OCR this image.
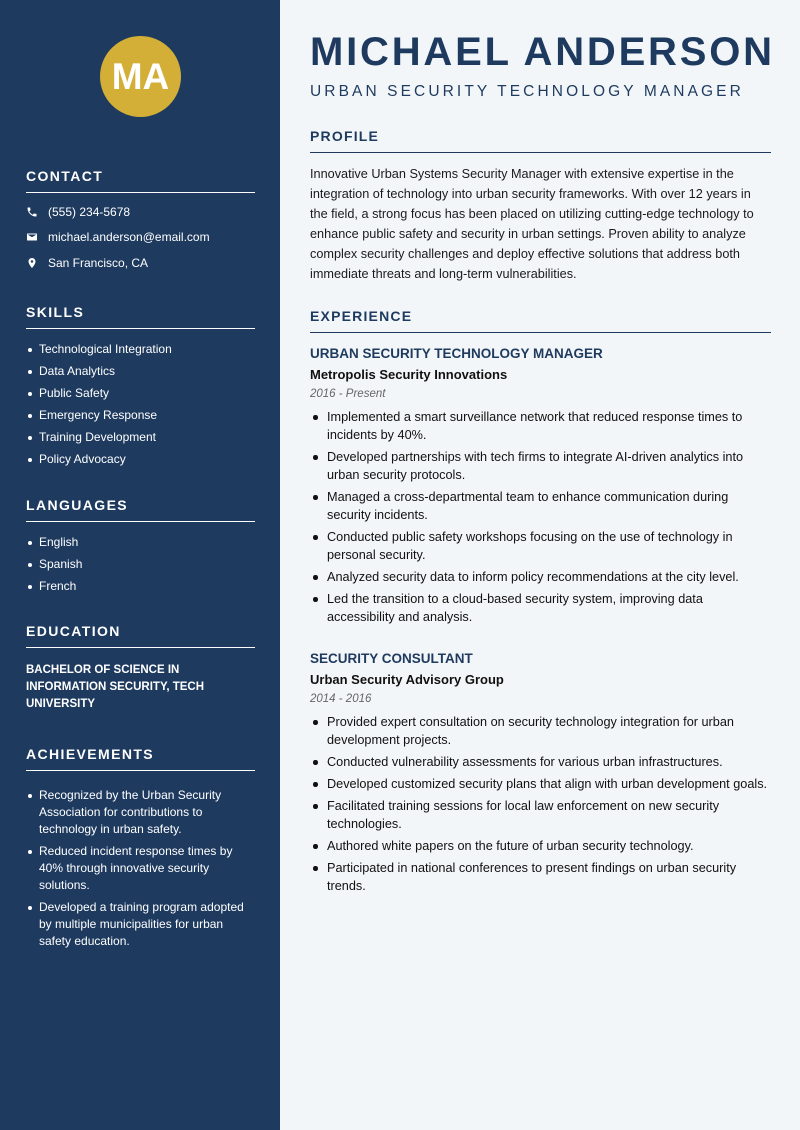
MA
CONTACT
(555) 234-5678
michael.anderson@email.com
San Francisco, CA
SKILLS
Technological Integration
Data Analytics
Public Safety
Emergency Response
Training Development
Policy Advocacy
LANGUAGES
English
Spanish
French
EDUCATION
BACHELOR OF SCIENCE IN INFORMATION SECURITY, TECH UNIVERSITY
ACHIEVEMENTS
Recognized by the Urban Security Association for contributions to technology in urban safety.
Reduced incident response times by 40% through innovative security solutions.
Developed a training program adopted by multiple municipalities for urban safety education.
MICHAEL ANDERSON
URBAN SECURITY TECHNOLOGY MANAGER
PROFILE

Innovative Urban Systems Security Manager with extensive expertise in the integration of technology into urban security frameworks. With over 12 years in the field, a strong focus has been placed on utilizing cutting-edge technology to enhance public safety and security in urban settings. Proven ability to analyze complex security challenges and deploy effective solutions that address both immediate threats and long-term vulnerabilities.

EXPERIENCE
URBAN SECURITY TECHNOLOGY MANAGER
Metropolis Security Innovations
2016 - Present
Implemented a smart surveillance network that reduced response times to incidents by 40%.
Developed partnerships with tech firms to integrate AI-driven analytics into urban security protocols.
Managed a cross-departmental team to enhance communication during security incidents.
Conducted public safety workshops focusing on the use of technology in personal security.
Analyzed security data to inform policy recommendations at the city level.
Led the transition to a cloud-based security system, improving data accessibility and analysis.
SECURITY CONSULTANT
Urban Security Advisory Group
2014 - 2016
Provided expert consultation on security technology integration for urban development projects.
Conducted vulnerability assessments for various urban infrastructures.
Developed customized security plans that align with urban development goals.
Facilitated training sessions for local law enforcement on new security technologies.
Authored white papers on the future of urban security technology.
Participated in national conferences to present findings on urban security trends.
